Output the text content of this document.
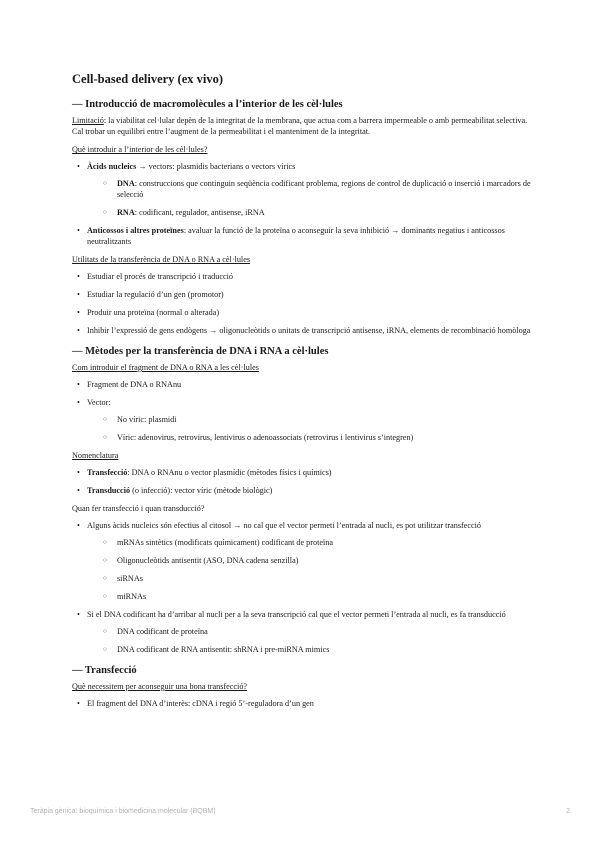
Cell-based delivery (ex vivo)
— Introducció de macromolècules a l’interior de les cèl·lules

Limitació: la viabilitat cel·lular depèn de la integritat de la membrana, que actua com a barrera impermeable o amb permeabilitat selectiva. Cal trobar un equilibri entre l’augment de la permeabilitat i el manteniment de la integritat.

Què introduir a l’interior de les cèl·lules?

• Àcids nucleics → vectors: plasmidis bacterians o vectors vírics
○ DNA: construccions que continguin seqüència codificant problema, regions de control de duplicació o inserció i marcadors de selecció
○ RNA: codificant, regulador, antisense, iRNA
• Anticossos i altres proteïnes: avaluar la funció de la proteïna o aconseguir la seva inhibició → dominants negatius i anticossos neutralitzants

Utilitats de la transferència de DNA o RNA a cèl·lules

• Estudiar el procés de transcripció i traducció
• Estudiar la regulació d’un gen (promotor)
• Produir una proteïna (normal o alterada)
• Inhibir l’expressió de gens endògens → oligonucleòtids o unitats de transcripció antisense, iRNA, elements de recombinació homòloga
— Mètodes per la transferència de DNA i RNA a cèl·lules

Com introduir el fragment de DNA o RNA a les cèl·lules

• Fragment de DNA o RNAnu
• Vector:
○ No víric: plasmidi
○ Víric: adenovirus, retrovirus, lentivirus o adenoassociats (retrovirus i lentivirus s’integren)

Nomenclatura

• Transfecció: DNA o RNAnu o vector plasmídic (mètodes físics i químics)
• Transducció (o infecció): vector víric (mètode biològic)

Quan fer transfecció i quan transducció?

• Alguns àcids nucleics són efectius al citosol → no cal que el vector permeti l’entrada al nucli, es pot utilitzar transfecció
○ mRNAs sintètics (modificats químicament) codificant de proteïna
○ Oligonucleòtids antisentit (ASO, DNA cadena senzilla)
○ siRNAs
○ miRNAs
• Si el DNA codificant ha d’arribar al nucli per a la seva transcripció cal que el vector permeti l’entrada al nucli, es fa transducció
○ DNA codificant de proteïna
○ DNA codificant de RNA antisentit: shRNA i pre-miRNA mimics
— Transfecció

Què necessitem per aconseguir una bona transfecció?

• El fragment del DNA d’interès: cDNA i regió 5’-reguladora d’un gen
Teràpia gènica: bioquímica i biomedicina molecular (BQBM)	2
